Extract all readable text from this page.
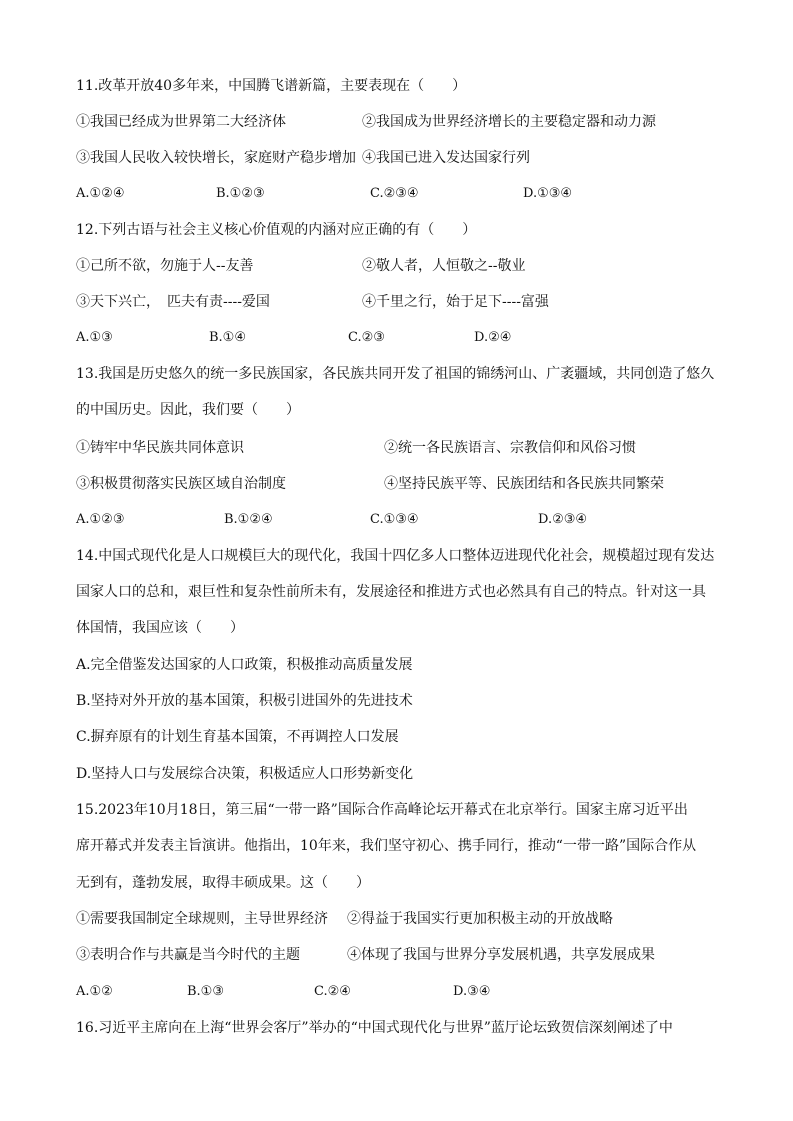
11.改革开放40多年来，中国腾飞谱新篇，主要表现在（　　）

①我国已经成为世界第二大经济体	②我国成为世界经济增长的主要稳定器和动力源

③我国人民收入较快增长，家庭财产稳步增加 ④我国已进入发达国家行列

A.①②④	B.①②③	C.②③④	D.①③④

12.下列古语与社会主义核心价值观的内涵对应正确的有（　　）

①己所不欲，勿施于人--友善	②敬人者，人恒敬之--敬业

③天下兴亡，　匹夫有责----爱国	④千里之行，始于足下----富强

A.①③	B.①④	C.②③	D.②④

13.我国是历史悠久的统一多民族国家，各民族共同开发了祖国的锦绣河山、广袤疆域，共同创造了悠久

的中国历史。因此，我们要（　　）

①铸牢中华民族共同体意识	②统一各民族语言、宗教信仰和风俗习惯

③积极贯彻落实民族区域自治制度	④坚持民族平等、民族团结和各民族共同繁荣

A.①②③	B.①②④	C.①③④	D.②③④

14.中国式现代化是人口规模巨大的现代化，我国十四亿多人口整体迈进现代化社会，规模超过现有发达

国家人口的总和，艰巨性和复杂性前所未有，发展途径和推进方式也必然具有自己的特点。针对这一具

体国情，我国应该（　　）

A.完全借鉴发达国家的人口政策，积极推动高质量发展

B.坚持对外开放的基本国策，积极引进国外的先进技术

C.摒弃原有的计划生育基本国策，不再调控人口发展

D.坚持人口与发展综合决策，积极适应人口形势新变化

15.2023年10月18日，第三届“一带一路”国际合作高峰论坛开幕式在北京举行。国家主席习近平出

席开幕式并发表主旨演讲。他指出，10年来，我们坚守初心、携手同行，推动“一带一路”国际合作从

无到有，蓬勃发展，取得丰硕成果。这（　　）

①需要我国制定全球规则，主导世界经济 ②得益于我国实行更加积极主动的开放战略

③表明合作与共赢是当今时代的主题	④体现了我国与世界分享发展机遇，共享发展成果

A.①②	B.①③	C.②④	D.③④

16.习近平主席向在上海“世界会客厅”举办的“中国式现代化与世界”蓝厅论坛致贺信深刻阐述了中
